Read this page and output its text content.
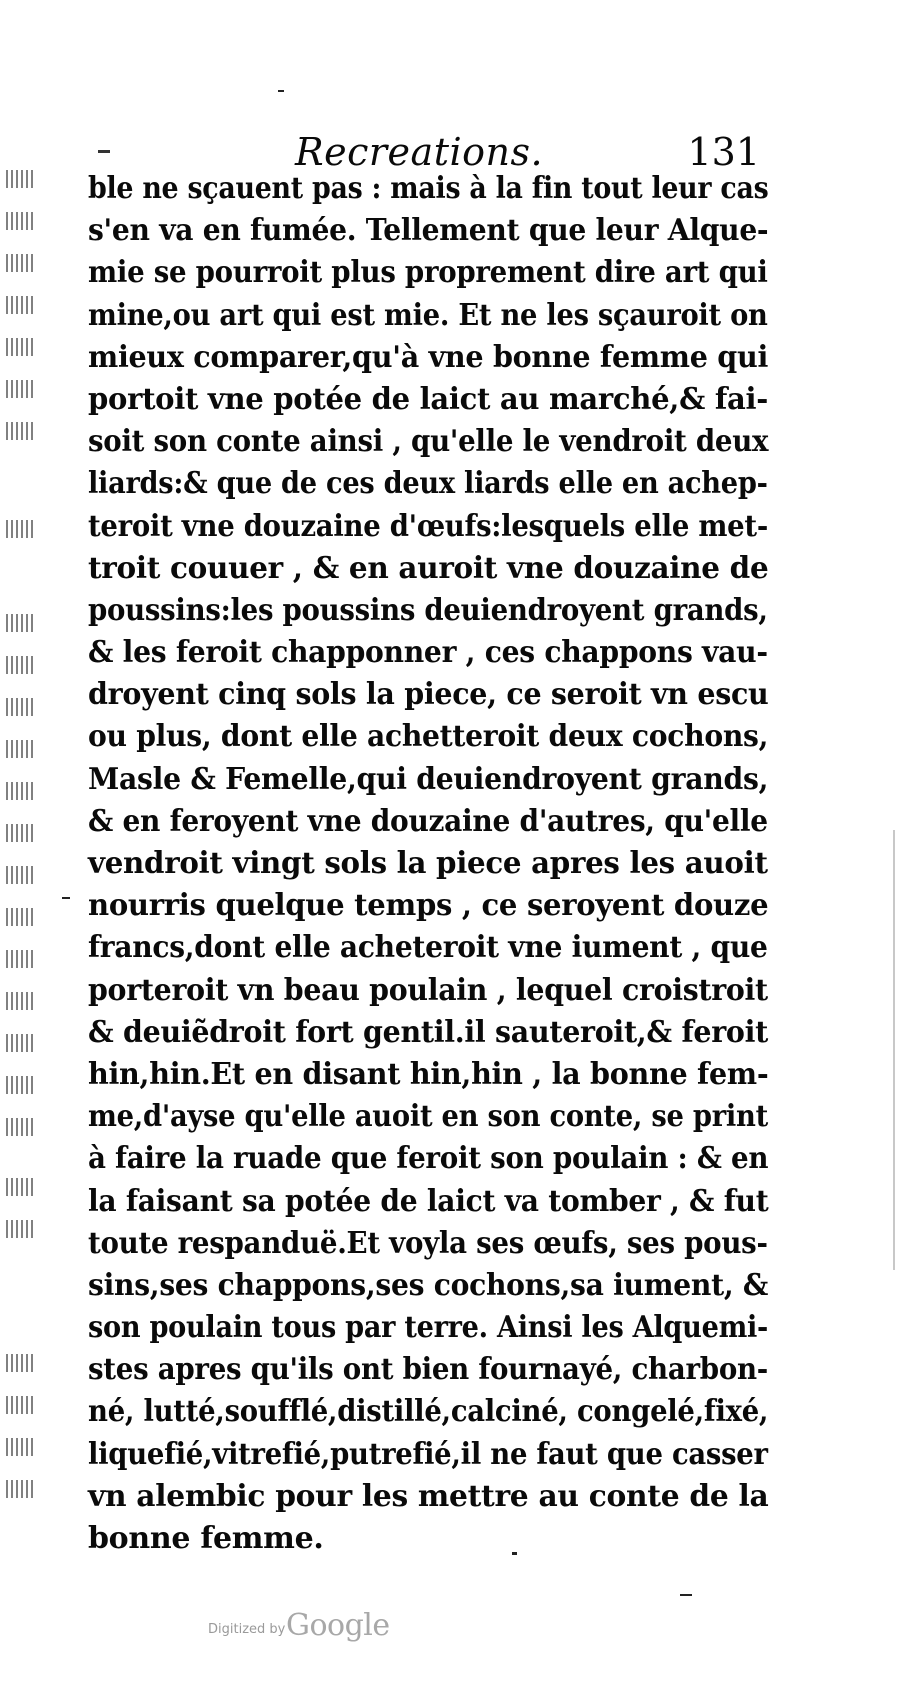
Recreations.	131
ble ne sçauent pas : mais à la fin tout leur cas
s'en va en fumée. Tellement que leur Alque-
mie se pourroit plus proprement dire art qui
mine,ou art qui est mie. Et ne les sçauroit on
mieux comparer,qu'à vne bonne femme qui
portoit vne potée de laict au marché,& fai-
soit son conte ainsi , qu'elle le vendroit deux
liards:& que de ces deux liards elle en achep-
teroit vne douzaine d'œufs:lesquels elle met-
troit couuer , & en auroit vne douzaine de
poussins:les poussins deuiendroyent grands,
& les feroit chapponner , ces chappons vau-
droyent cinq sols la piece, ce seroit vn escu
ou plus, dont elle achetteroit deux cochons,
Masle & Femelle,qui deuiendroyent grands,
& en feroyent vne douzaine d'autres, qu'elle
vendroit vingt sols la piece apres les auoit
nourris quelque temps , ce seroyent douze
francs,dont elle acheteroit vne iument , que
porteroit vn beau poulain , lequel croistroit
& deuiẽdroit fort gentil.il sauteroit,& feroit
hin,hin.Et en disant hin,hin , la bonne fem-
me,d'ayse qu'elle auoit en son conte, se print
à faire la ruade que feroit son poulain : & en
la faisant sa potée de laict va tomber , & fut
toute respanduë.Et voyla ses œufs, ses pous-
sins,ses chappons,ses cochons,sa iument, &
son poulain tous par terre. Ainsi les Alquemi-
stes apres qu'ils ont bien fournayé, charbon-
né, lutté,soufflé,distillé,calciné, congelé,fixé,
liquefié,vitrefié,putrefié,il ne faut que casser
vn alembic pour les mettre au conte de la
bonne femme.
Digitized by Google
